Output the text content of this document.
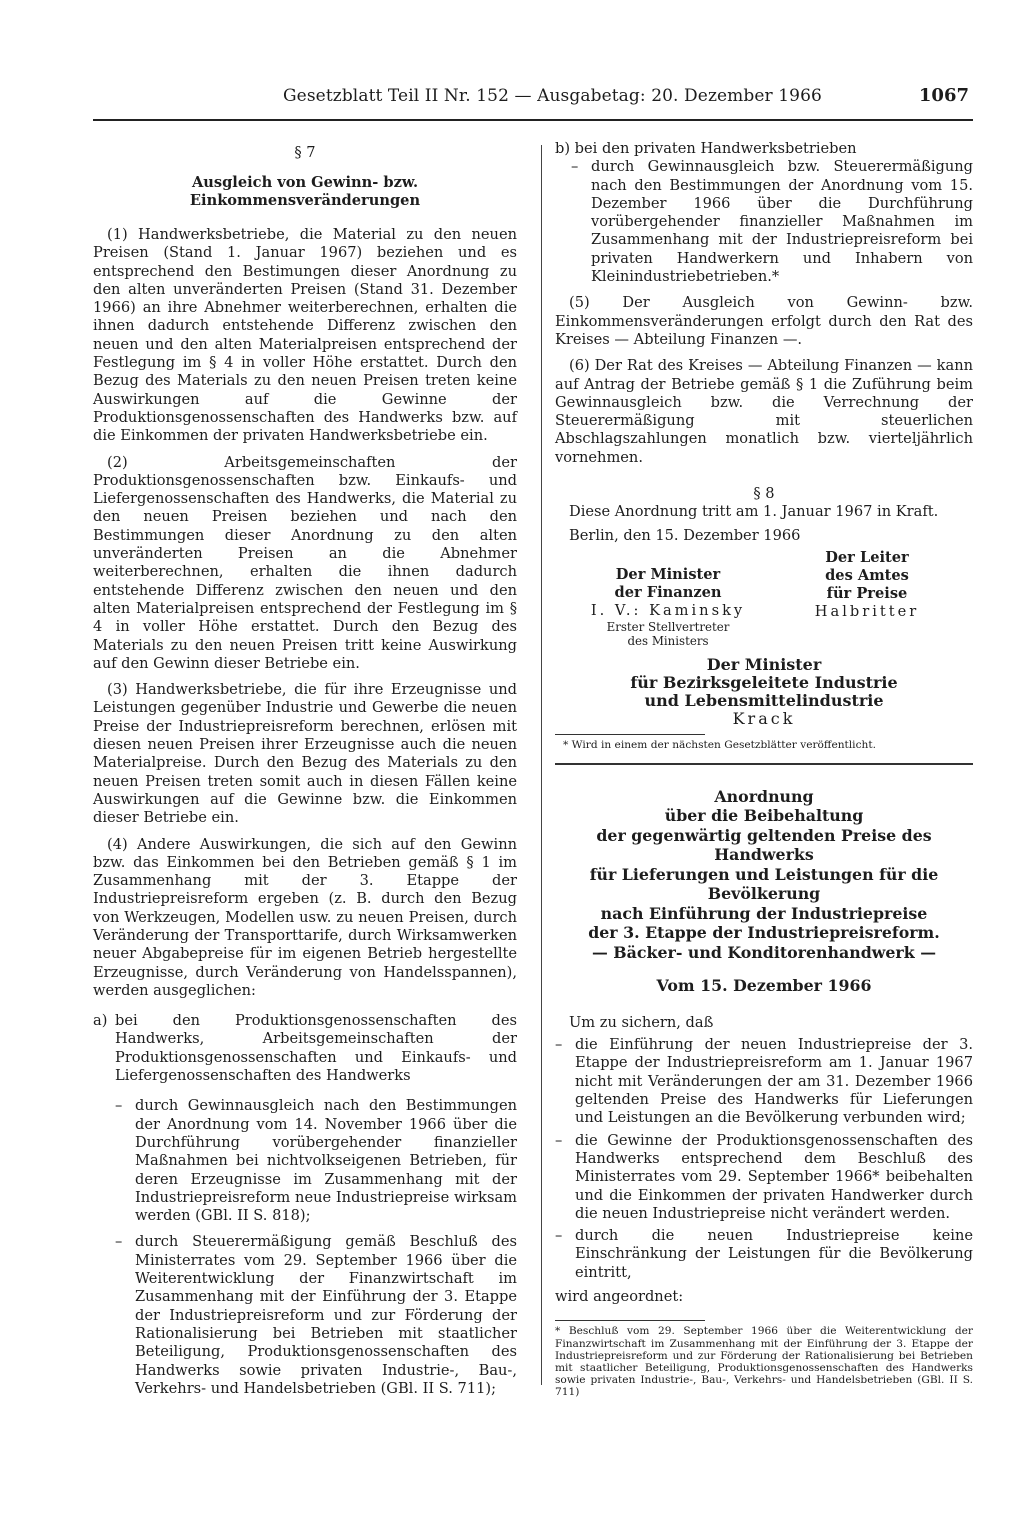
Gesetzblatt Teil II Nr. 152 — Ausgabetag: 20. Dezember 1966	1067
§ 7
Ausgleich von Gewinn- bzw.
Einkommensveränderungen

(1) Handwerksbetriebe, die Material zu den neuen Preisen (Stand 1. Januar 1967) beziehen und es entsprechend den Bestimungen dieser Anordnung zu den alten unveränderten Preisen (Stand 31. Dezember 1966) an ihre Abnehmer weiterberechnen, erhalten die ihnen dadurch entstehende Differenz zwischen den neuen und den alten Materialpreisen entsprechend der Festlegung im § 4 in voller Höhe erstattet. Durch den Bezug des Materials zu den neuen Preisen treten keine Auswirkungen auf die Gewinne der Produktionsgenossenschaften des Handwerks bzw. auf die Einkommen der privaten Handwerksbetriebe ein.

(2) Arbeitsgemeinschaften der Produktionsgenossenschaften bzw. Einkaufs- und Liefergenossenschaften des Handwerks, die Material zu den neuen Preisen beziehen und nach den Bestimmungen dieser Anordnung zu den alten unveränderten Preisen an die Abnehmer weiterberechnen, erhalten die ihnen dadurch entstehende Differenz zwischen den neuen und den alten Materialpreisen entsprechend der Festlegung im § 4 in voller Höhe erstattet. Durch den Bezug des Materials zu den neuen Preisen tritt keine Auswirkung auf den Gewinn dieser Betriebe ein.

(3) Handwerksbetriebe, die für ihre Erzeugnisse und Leistungen gegenüber Industrie und Gewerbe die neuen Preise der Industriepreisreform berechnen, erlösen mit diesen neuen Preisen ihrer Erzeugnisse auch die neuen Materialpreise. Durch den Bezug des Materials zu den neuen Preisen treten somit auch in diesen Fällen keine Auswirkungen auf die Gewinne bzw. die Einkommen dieser Betriebe ein.

(4) Andere Auswirkungen, die sich auf den Gewinn bzw. das Einkommen bei den Betrieben gemäß § 1 im Zusammenhang mit der 3. Etappe der Industriepreisreform ergeben (z. B. durch den Bezug von Werkzeugen, Modellen usw. zu neuen Preisen, durch Veränderung der Transporttarife, durch Wirksamwerken neuer Abgabepreise für im eigenen Betrieb hergestellte Erzeugnisse, durch Veränderung von Handelsspannen), werden ausgeglichen:

a) bei den Produktionsgenossenschaften des Handwerks, Arbeitsgemeinschaften der Produktionsgenossenschaften und Einkaufs- und Liefergenossenschaften des Handwerks
– durch Gewinnausgleich nach den Bestimmungen der Anordnung vom 14. November 1966 über die Durchführung vorübergehender finanzieller Maßnahmen bei nichtvolkseigenen Betrieben, für deren Erzeugnisse im Zusammenhang mit der Industriepreisreform neue Industriepreise wirksam werden (GBl. II S. 818);
– durch Steuerermäßigung gemäß Beschluß des Ministerrates vom 29. September 1966 über die Weiterentwicklung der Finanzwirtschaft im Zusammenhang mit der Einführung der 3. Etappe der Industriepreisreform und zur Förderung der Rationalisierung bei Betrieben mit staatlicher Beteiligung, Produktionsgenossenschaften des Handwerks sowie privaten Industrie-, Bau-, Verkehrs- und Handelsbetrieben (GBl. II S. 711);

b) bei den privaten Handwerksbetrieben

– durch Gewinnausgleich bzw. Steuerermäßigung nach den Bestimmungen der Anordnung vom 15. Dezember 1966 über die Durchführung vorübergehender finanzieller Maßnahmen im Zusammenhang mit der Industriepreisreform bei privaten Handwerkern und Inhabern von Kleinindustriebetrieben.*

(5) Der Ausgleich von Gewinn- bzw. Einkommensveränderungen erfolgt durch den Rat des Kreises — Abteilung Finanzen —.

(6) Der Rat des Kreises — Abteilung Finanzen — kann auf Antrag der Betriebe gemäß § 1 die Zuführung beim Gewinnausgleich bzw. die Verrechnung der Steuerermäßigung mit steuerlichen Abschlagszahlungen monatlich bzw. vierteljährlich vornehmen.

§ 8

Diese Anordnung tritt am 1. Januar 1967 in Kraft.

Berlin, den 15. Dezember 1966

Der Minister
der Finanzen
I. V.: Kaminsky
Erster Stellvertreter
des Ministers
Der Leiter
des Amtes
für Preise
Halbritter
Der Minister
für Bezirksgeleitete Industrie
und Lebensmittelindustrie
Krack
* Wird in einem der nächsten Gesetzblätter veröffentlicht.
Anordnung
über die Beibehaltung
der gegenwärtig geltenden Preise des Handwerks
für Lieferungen und Leistungen für die Bevölkerung
nach Einführung der Industriepreise
der 3. Etappe der Industriepreisreform.
— Bäcker- und Konditorenhandwerk —
Vom 15. Dezember 1966

Um zu sichern, daß

– die Einführung der neuen Industriepreise der 3. Etappe der Industriepreisreform am 1. Januar 1967 nicht mit Veränderungen der am 31. Dezember 1966 geltenden Preise des Handwerks für Lieferungen und Leistungen an die Bevölkerung verbunden wird;
– die Gewinne der Produktionsgenossenschaften des Handwerks entsprechend dem Beschluß des Ministerrates vom 29. September 1966* beibehalten und die Einkommen der privaten Handwerker durch die neuen Industriepreise nicht verändert werden.
– durch die neuen Industriepreise keine Einschränkung der Leistungen für die Bevölkerung eintritt,

wird angeordnet:

* Beschluß vom 29. September 1966 über die Weiterentwicklung der Finanzwirtschaft im Zusammenhang mit der Einführung der 3. Etappe der Industriepreisreform und zur Förderung der Rationalisierung bei Betrieben mit staatlicher Beteiligung, Produktionsgenossenschaften des Handwerks sowie privaten Industrie-, Bau-, Verkehrs- und Handelsbetrieben (GBl. II S. 711)
